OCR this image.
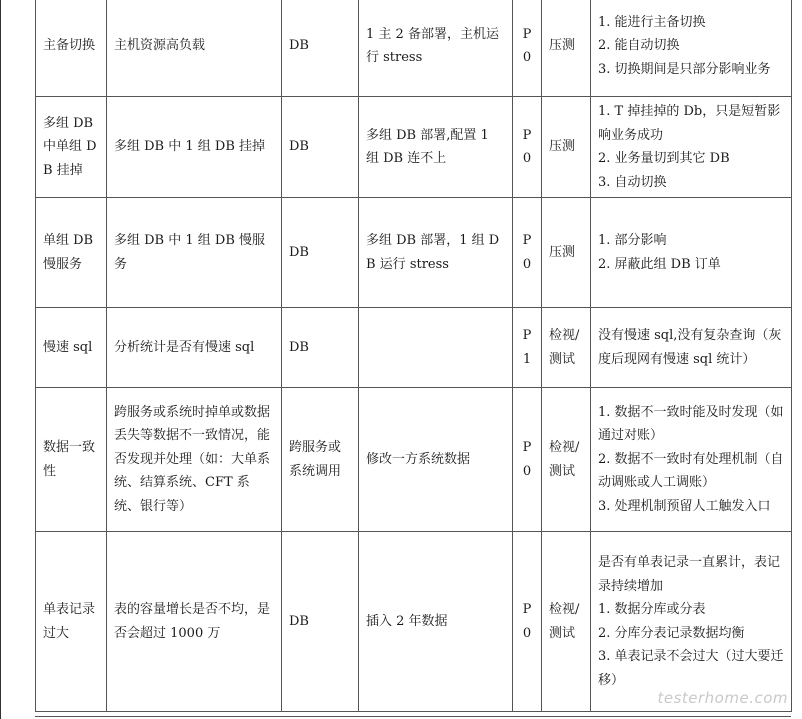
主备切换	主机资源高负载	DB	1 主 2 备部署，主机运行 stress	P0	压测	1. 能进行主备切换
2. 能自动切换
3. 切换期间是只部分影响业务

多组 DB 中单组 DB 挂掉	多组 DB 中 1 组 DB 挂掉	DB	多组 DB 部署,配置 1 组 DB 连不上	P0	压测	1. T 掉挂掉的 Db，只是短暂影响业务成功
2. 业务量切到其它 DB
3. 自动切换

单组 DB 慢服务	多组 DB 中 1 组 DB 慢服务	DB	多组 DB 部署，1 组 DB 运行 stress	P0	压测	1. 部分影响
2. 屏蔽此组 DB 订单

慢速 sql	分析统计是否有慢速 sql	DB		P1	检视/测试	没有慢速 sql,没有复杂查询（灰度后现网有慢速 sql 统计）

数据一致性	跨服务或系统时掉单或数据丢失等数据不一致情况，能否发现并处理（如：大单系统、结算系统、CFT 系统、银行等）	跨服务或系统调用	修改一方系统数据	P0	检视/测试	1. 数据不一致时能及时发现（如通过对账）
2. 数据不一致时有处理机制（自动调账或人工调账）
3. 处理机制预留人工触发入口

单表记录过大	表的容量增长是否不均，是否会超过 1000 万	DB	插入 2 年数据	P0	检视/测试	是否有单表记录一直累计，表记录持续增加
1. 数据分库或分表
2. 分库分表记录数据均衡
3. 单表记录不会过大（过大要迁移）
testerhome.com
